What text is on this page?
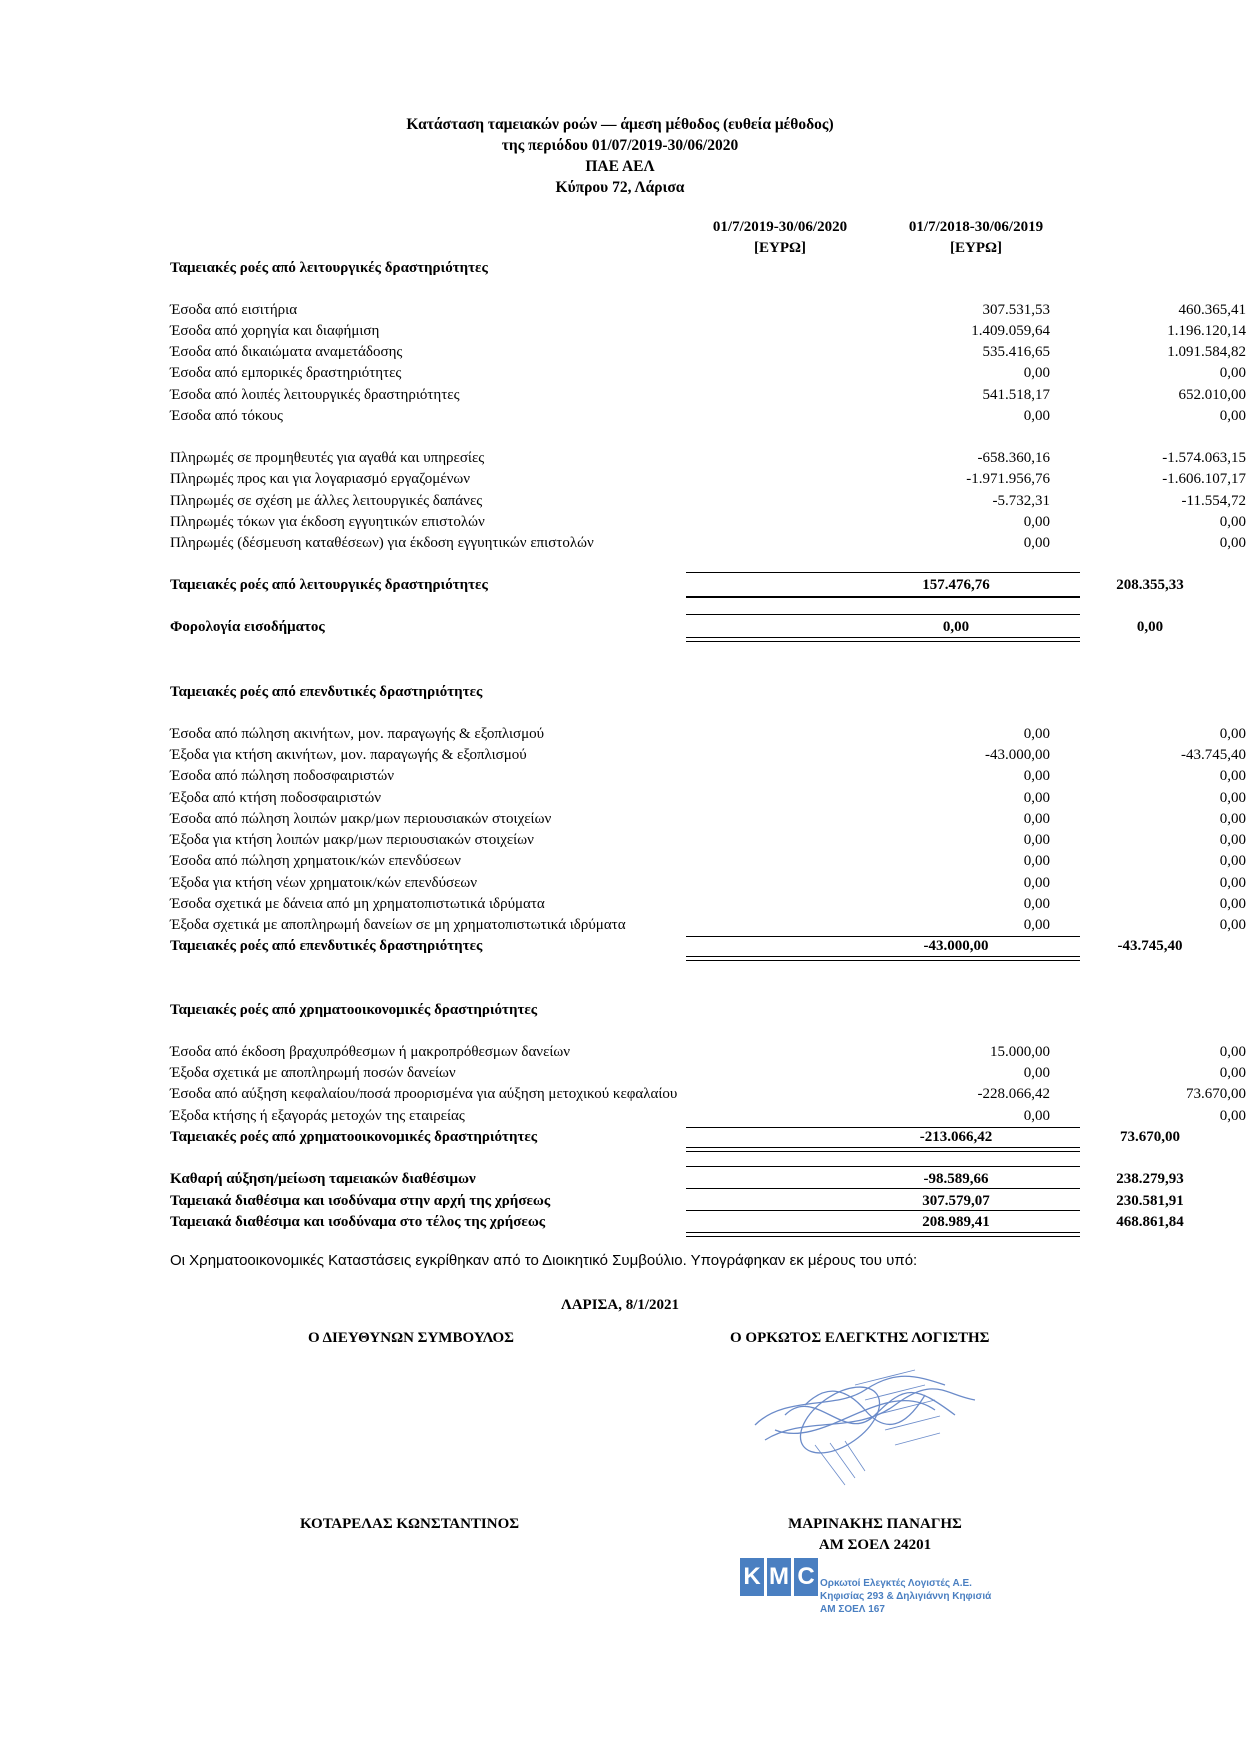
Κατάσταση ταμειακών ροών — άμεση μέθοδος (ευθεία μέθοδος)
της περιόδου 01/07/2019-30/06/2020
ΠΑΕ ΑΕΛ
Κύπρου 72, Λάρισα
01/7/2019-30/06/2020
[ΕΥΡΩ]
01/7/2018-30/06/2019
[ΕΥΡΩ]
Ταμειακές ροές από λειτουργικές δραστηριότητες
Έσοδα από εισιτήρια	307.531,53	460.365,41
Έσοδα από χορηγία και διαφήμιση	1.409.059,64	1.196.120,14
Έσοδα από δικαιώματα αναμετάδοσης	535.416,65	1.091.584,82
Έσοδα από εμπορικές δραστηριότητες	0,00	0,00
Έσοδα από λοιπές λειτουργικές δραστηριότητες	541.518,17	652.010,00
Έσοδα από τόκους	0,00	0,00
Πληρωμές σε προμηθευτές για αγαθά και υπηρεσίες	-658.360,16	-1.574.063,15
Πληρωμές προς και για λογαριασμό εργαζομένων	-1.971.956,76	-1.606.107,17
Πληρωμές σε σχέση με άλλες λειτουργικές δαπάνες	-5.732,31	-11.554,72
Πληρωμές τόκων για έκδοση εγγυητικών επιστολών	0,00	0,00
Πληρωμές (δέσμευση καταθέσεων) για έκδοση εγγυητικών επιστολών	0,00	0,00
Ταμειακές ροές από λειτουργικές δραστηριότητες	157.476,76	208.355,33
Φορολογία εισοδήματος	0,00	0,00
Ταμειακές ροές από επενδυτικές δραστηριότητες
Έσοδα από πώληση ακινήτων, μον. παραγωγής & εξοπλισμού	0,00	0,00
Έξοδα για κτήση ακινήτων, μον. παραγωγής & εξοπλισμού	-43.000,00	-43.745,40
Έσοδα από πώληση ποδοσφαιριστών	0,00	0,00
Έξοδα από κτήση ποδοσφαιριστών	0,00	0,00
Έσοδα από πώληση λοιπών μακρ/μων περιουσιακών στοιχείων	0,00	0,00
Έξοδα για κτήση λοιπών μακρ/μων περιουσιακών στοιχείων	0,00	0,00
Έσοδα από πώληση χρηματοικ/κών επενδύσεων	0,00	0,00
Έξοδα για κτήση νέων χρηματοικ/κών επενδύσεων	0,00	0,00
Έσοδα σχετικά με δάνεια από μη χρηματοπιστωτικά ιδρύματα	0,00	0,00
Έξοδα σχετικά με αποπληρωμή δανείων σε μη χρηματοπιστωτικά ιδρύματα	0,00	0,00
Ταμειακές ροές από επενδυτικές δραστηριότητες	-43.000,00	-43.745,40
Ταμειακές ροές από χρηματοοικονομικές δραστηριότητες
Έσοδα από έκδοση βραχυπρόθεσμων ή μακροπρόθεσμων δανείων	15.000,00	0,00
Έξοδα σχετικά με αποπληρωμή ποσών δανείων	0,00	0,00
Έσοδα από αύξηση κεφαλαίου/ποσά προορισμένα για αύξηση μετοχικού κεφαλαίου	-228.066,42	73.670,00
Έξοδα κτήσης ή εξαγοράς μετοχών της εταιρείας	0,00	0,00
Ταμειακές ροές από χρηματοοικονομικές δραστηριότητες	-213.066,42	73.670,00
Καθαρή αύξηση/μείωση ταμειακών διαθέσιμων	-98.589,66	238.279,93
Ταμειακά διαθέσιμα και ισοδύναμα στην αρχή της χρήσεως	307.579,07	230.581,91
Ταμειακά διαθέσιμα και ισοδύναμα στο τέλος της χρήσεως	208.989,41	468.861,84
Οι Χρηματοοικονομικές Καταστάσεις εγκρίθηκαν από το Διοικητικό Συμβούλιο. Υπογράφηκαν εκ μέρους του υπό:
ΛΑΡΙΣΑ, 8/1/2021
Ο ΔΙΕΥΘΥΝΩΝ ΣΥΜΒΟΥΛΟΣ	Ο ΟΡΚΩΤΟΣ ΕΛΕΓΚΤΗΣ ΛΟΓΙΣΤΗΣ
ΚΟΤΑΡΕΛΑΣ ΚΩΝΣΤΑΝΤΙΝΟΣ	ΜΑΡΙΝΑΚΗΣ ΠΑΝΑΓΗΣ
ΑΜ ΣΟΕΛ 24201
K M C Ορκωτοί Ελεγκτές Λογιστές Α.Ε.
Κηφισίας 293 & Δηλιγιάννη Κηφισιά
ΑΜ ΣΟΕΛ 167
